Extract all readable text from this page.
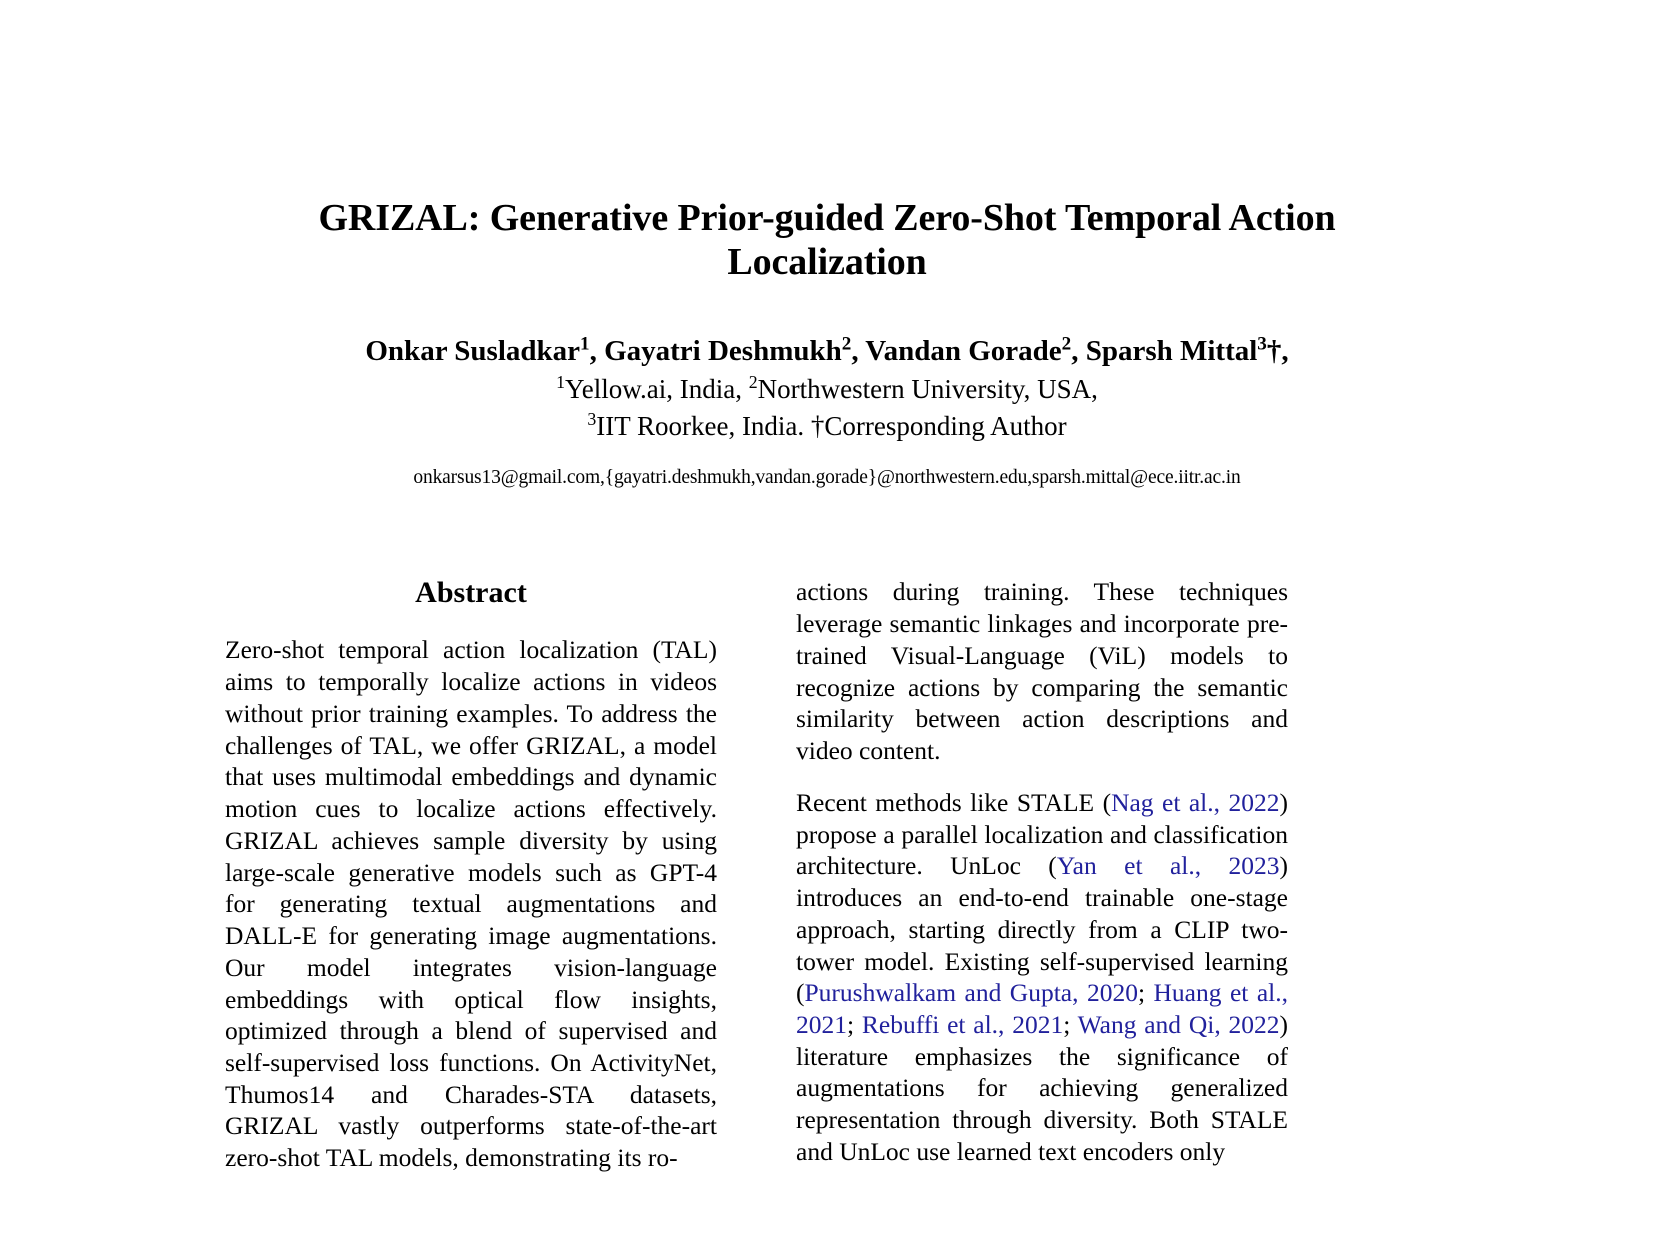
GRIZAL: Generative Prior-guided Zero-Shot Temporal Action Localization
Onkar Susladkar$^1$, Gayatri Deshmukh$^2$, Vandan Gorade$^2$, Sparsh Mittal$^3$†,
$^1$Yellow.ai, India, $^2$Northwestern University, USA,
$^3$IIT Roorkee, India. †Corresponding Author
onkarsus13@gmail.com,{gayatri.deshmukh,vandan.gorade}@northwestern.edu,sparsh.mittal@ece.iitr.ac.in
Abstract

Zero-shot temporal action localization (TAL) aims to temporally localize actions in videos without prior training examples. To address the challenges of TAL, we offer GRIZAL, a model that uses multimodal embeddings and dynamic motion cues to localize actions effectively. GRIZAL achieves sample diversity by using large-scale generative models such as GPT-4 for generating textual augmentations and DALL-E for generating image augmentations. Our model integrates vision-language embeddings with optical flow insights, optimized through a blend of supervised and self-supervised loss functions. On ActivityNet, Thumos14 and Charades-STA datasets, GRIZAL vastly outperforms state-of-the-art zero-shot TAL models, demonstrating its ro-

actions during training. These techniques leverage semantic linkages and incorporate pre-trained Visual-Language (ViL) models to recognize actions by comparing the semantic similarity between action descriptions and video content.

Recent methods like STALE (Nag et al., 2022) propose a parallel localization and classification architecture. UnLoc (Yan et al., 2023) introduces an end-to-end trainable one-stage approach, starting directly from a CLIP two-tower model. Existing self-supervised learning (Purushwalkam and Gupta, 2020; Huang et al., 2021; Rebuffi et al., 2021; Wang and Qi, 2022) literature emphasizes the significance of augmentations for achieving generalized representation through diversity. Both STALE and UnLoc use learned text encoders only
